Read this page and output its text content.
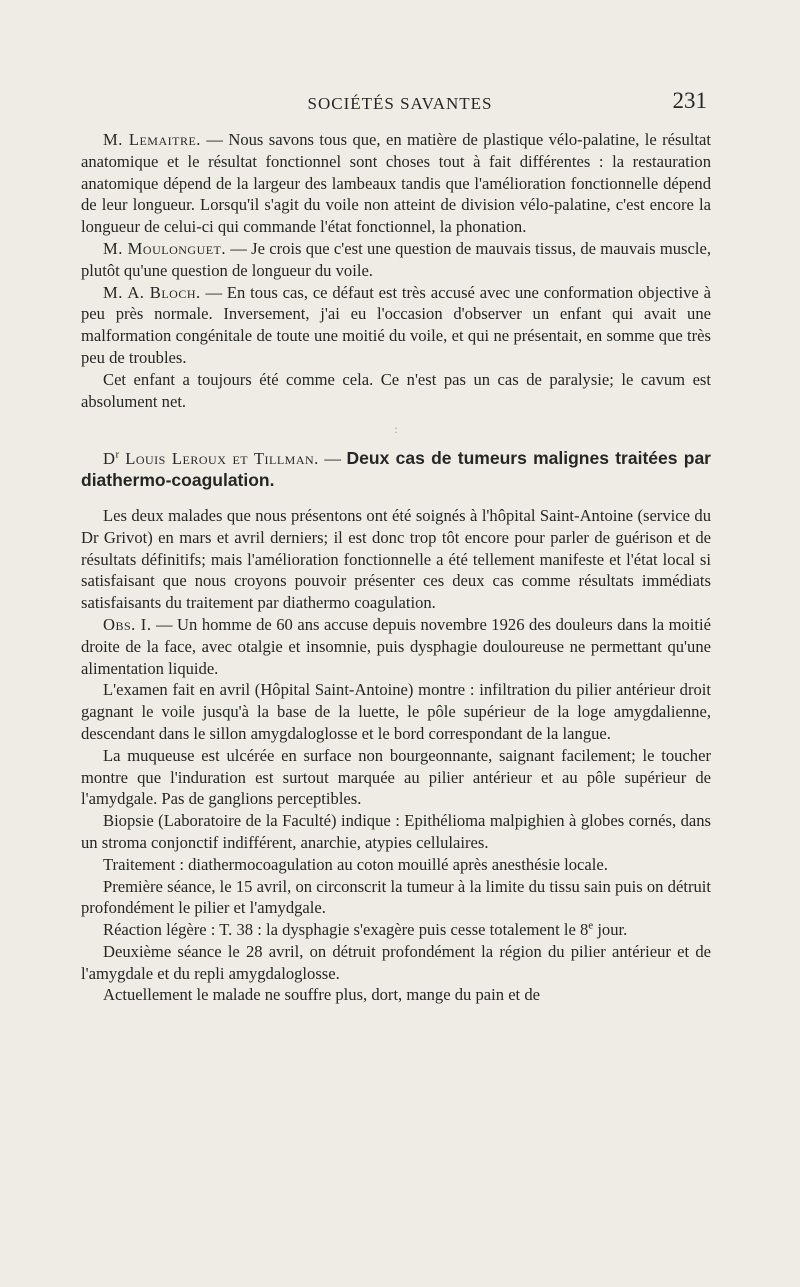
SOCIÉTÉS SAVANTES	231

M. Lemaitre. — Nous savons tous que, en matière de plastique vélo-palatine, le résultat anatomique et le résultat fonctionnel sont choses tout à fait différentes : la restauration anatomique dépend de la largeur des lambeaux tandis que l'amélioration fonctionnelle dépend de leur longueur. Lorsqu'il s'agit du voile non atteint de division vélo-palatine, c'est encore la longueur de celui-ci qui commande l'état fonctionnel, la phonation.

M. Moulonguet. — Je crois que c'est une question de mauvais tissus, de mauvais muscle, plutôt qu'une question de longueur du voile.

M. A. Bloch. — En tous cas, ce défaut est très accusé avec une conformation objective à peu près normale. Inversement, j'ai eu l'occasion d'observer un enfant qui avait une malformation congénitale de toute une moitié du voile, et qui ne présentait, en somme que très peu de troubles.

Cet enfant a toujours été comme cela. Ce n'est pas un cas de paralysie; le cavum est absolument net.

:

$D^r$ Louis Leroux et Tillman. — Deux cas de tumeurs malignes traitées par diathermo-coagulation.

Les deux malades que nous présentons ont été soignés à l'hôpital Saint-Antoine (service du Dr Grivot) en mars et avril derniers; il est donc trop tôt encore pour parler de guérison et de résultats définitifs; mais l'amélioration fonctionnelle a été tellement manifeste et l'état local si satisfaisant que nous croyons pouvoir présenter ces deux cas comme résultats immédiats satisfaisants du traitement par diathermo coagulation.

Obs. I. — Un homme de 60 ans accuse depuis novembre 1926 des douleurs dans la moitié droite de la face, avec otalgie et insomnie, puis dysphagie douloureuse ne permettant qu'une alimentation liquide.

L'examen fait en avril (Hôpital Saint-Antoine) montre : infiltration du pilier antérieur droit gagnant le voile jusqu'à la base de la luette, le pôle supérieur de la loge amygdalienne, descendant dans le sillon amygdaloglosse et le bord correspondant de la langue.

La muqueuse est ulcérée en surface non bourgeonnante, saignant facilement; le toucher montre que l'induration est surtout marquée au pilier antérieur et au pôle supérieur de l'amydgale. Pas de ganglions perceptibles.

Biopsie (Laboratoire de la Faculté) indique : Epithélioma malpighien à globes cornés, dans un stroma conjonctif indifférent, anarchie, atypies cellulaires.

Traitement : diathermocoagulation au coton mouillé après anesthésie locale.

Première séance, le 15 avril, on circonscrit la tumeur à la limite du tissu sain puis on détruit profondément le pilier et l'amydgale.

Réaction légère : T. 38 : la dysphagie s'exagère puis cesse totalement le 8e jour.

Deuxième séance le 28 avril, on détruit profondément la région du pilier antérieur et de l'amygdale et du repli amygdaloglosse.

Actuellement le malade ne souffre plus, dort, mange du pain et de
